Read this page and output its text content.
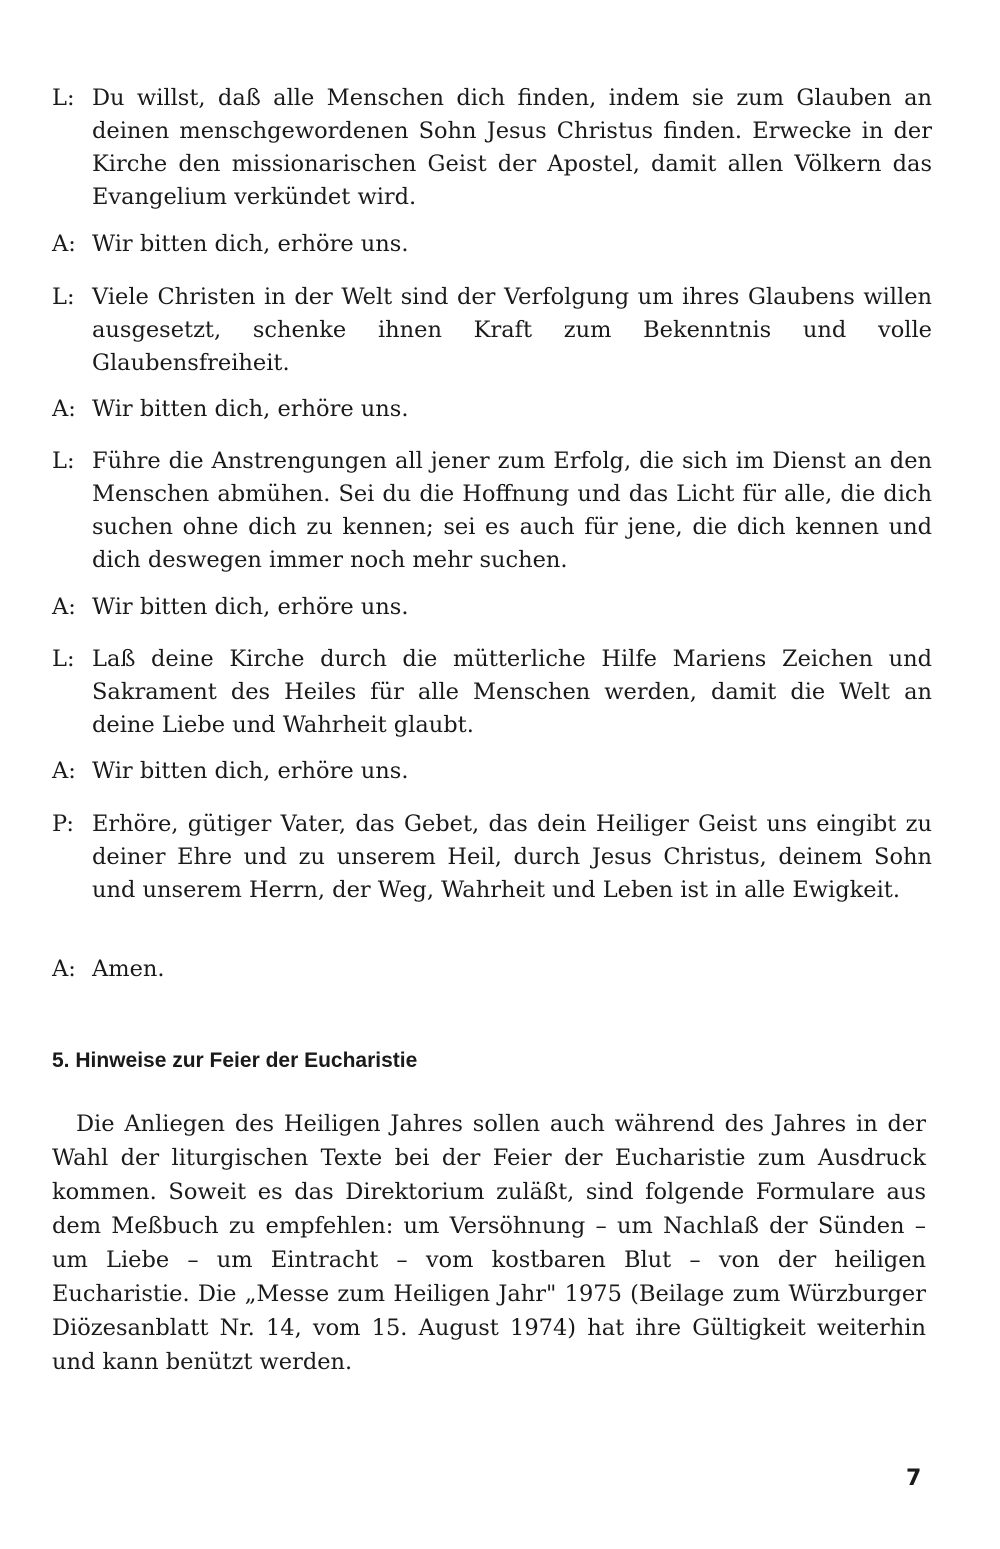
L: Du willst, daß alle Menschen dich finden, indem sie zum Glauben an deinen menschgewordenen Sohn Jesus Christus finden. Erwecke in der Kirche den missionarischen Geist der Apostel, damit allen Völkern das Evangelium verkündet wird.
A: Wir bitten dich, erhöre uns.
L: Viele Christen in der Welt sind der Verfolgung um ihres Glaubens willen ausgesetzt, schenke ihnen Kraft zum Bekenntnis und volle Glaubensfreiheit.
A: Wir bitten dich, erhöre uns.
L: Führe die Anstrengungen all jener zum Erfolg, die sich im Dienst an den Menschen abmühen. Sei du die Hoffnung und das Licht für alle, die dich suchen ohne dich zu kennen; sei es auch für jene, die dich kennen und dich deswegen immer noch mehr suchen.
A: Wir bitten dich, erhöre uns.
L: Laß deine Kirche durch die mütterliche Hilfe Mariens Zeichen und Sakrament des Heiles für alle Menschen werden, damit die Welt an deine Liebe und Wahrheit glaubt.
A: Wir bitten dich, erhöre uns.
P: Erhöre, gütiger Vater, das Gebet, das dein Heiliger Geist uns eingibt zu deiner Ehre und zu unserem Heil, durch Jesus Christus, deinem Sohn und unserem Herrn, der Weg, Wahrheit und Leben ist in alle Ewigkeit.
A: Amen.
5. Hinweise zur Feier der Eucharistie
Die Anliegen des Heiligen Jahres sollen auch während des Jahres in der Wahl der liturgischen Texte bei der Feier der Eucharistie zum Ausdruck kommen. Soweit es das Direktorium zuläßt, sind folgende Formulare aus dem Meßbuch zu empfehlen: um Versöhnung – um Nachlaß der Sünden – um Liebe – um Eintracht – vom kostbaren Blut – von der heiligen Eucharistie. Die „Messe zum Heiligen Jahr" 1975 (Beilage zum Würzburger Diözesanblatt Nr. 14, vom 15. August 1974) hat ihre Gültigkeit weiterhin und kann benützt werden.
7
